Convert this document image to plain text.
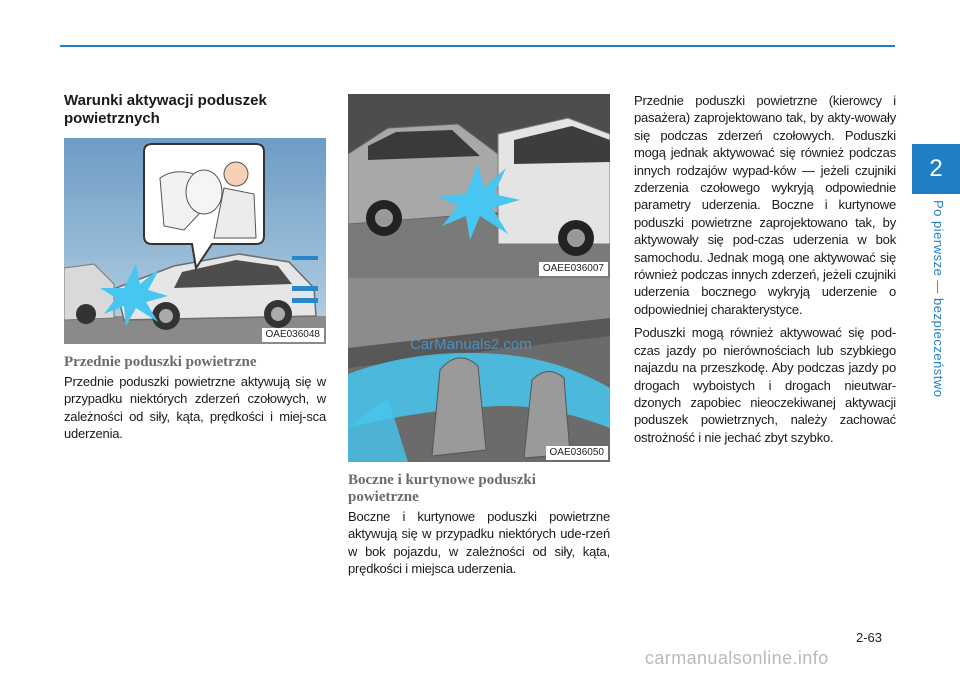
2
Po pierwsze — bezpieczeństwo
Warunki aktywacji poduszek powietrznych
OAE036048
Przednie poduszki powietrzne

Przednie poduszki powietrzne aktywują się w przypadku niektórych zderzeń czołowych, w zależności od siły, kąta, prędkości i miej-sca uderzenia.

OAEE036007
CarManuals2.com
OAE036050
Boczne i kurtynowe poduszki powietrzne

Boczne i kurtynowe poduszki powietrzne aktywują się w przypadku niektórych ude-rzeń w bok pojazdu, w zależności od siły, kąta, prędkości i miejsca uderzenia.

Przednie poduszki powietrzne (kierowcy i pasażera) zaprojektowano tak, by akty-wowały się podczas zderzeń czołowych. Poduszki mogą jednak aktywować się również podczas innych rodzajów wypad-ków — jeżeli czujniki zderzenia czołowego wykryją odpowiednie parametry uderzenia. Boczne i kurtynowe poduszki powietrzne zaprojektowano tak, by aktywowały się pod-czas uderzenia w bok samochodu. Jednak mogą one aktywować się również podczas innych zderzeń, jeżeli czujniki uderzenia bocznego wykryją uderzenie o odpowiedniej charakterystyce.

Poduszki mogą również aktywować się pod-czas jazdy po nierównościach lub szybkiego najazdu na przeszkodę. Aby podczas jazdy po drogach wyboistych i drogach nieutwar-dzonych zapobiec nieoczekiwanej aktywacji poduszek powietrznych, należy zachować ostrożność i nie jechać zbyt szybko.

2-63
carmanualsonline.info
